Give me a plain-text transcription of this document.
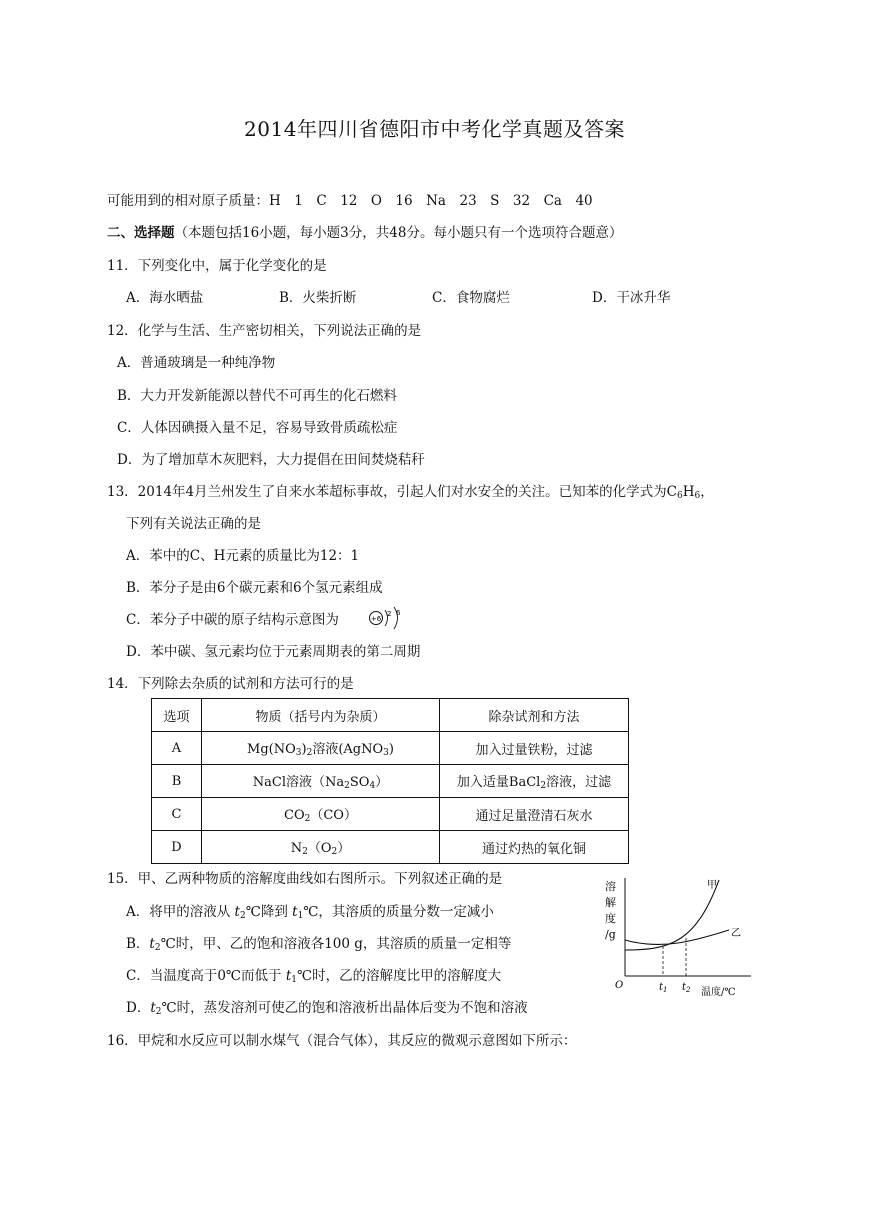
2014年四川省德阳市中考化学真题及答案
可能用到的相对原子质量：H　1　C　12　O　16　Na　23　S　32　Ca　40
二、选择题（本题包括16小题，每小题3分，共48分。每小题只有一个选项符合题意）
11．下列变化中，属于化学变化的是
A．海水晒盐	B．火柴折断	C．食物腐烂	D．干冰升华
12．化学与生活、生产密切相关，下列说法正确的是
A．普通玻璃是一种纯净物
B．大力开发新能源以替代不可再生的化石燃料
C．人体因碘摄入量不足，容易导致骨质疏松症
D．为了增加草木灰肥料，大力提倡在田间焚烧秸秆
13．2014年4月兰州发生了自来水苯超标事故，引起人们对水安全的关注。已知苯的化学式为$C_6H_6$，
下列有关说法正确的是
A．苯中的C、H元素的质量比为12：1
B．苯分子是由6个碳元素和6个氢元素组成
C．苯分子中碳的原子结构示意图为	+6
2 6
D．苯中碳、氢元素均位于元素周期表的第二周期
14．下列除去杂质的试剂和方法可行的是
选项	物质（括号内为杂质）	除杂试剂和方法
A	$Mg(NO_3)_2$溶液(AgNO$_3$)	加入过量铁粉，过滤
B	NaCl溶液$(Na_2SO_4)$	加入适量BaCl$_2$溶液，过滤
C	$CO_2(CO)$	通过足量澄清石灰水
D	$N_2(O_2)$	通过灼热的氧化铜
15．甲、乙两种物质的溶解度曲线如右图所示。下列叙述正确的是
A．将甲的溶液从 $t_2℃$降到 $t_1℃$，其溶质的质量分数一定减小
B．$t_2℃$时，甲、乙的饱和溶液各100 g，其溶质的质量一定相等
C．当温度高于0℃而低于 $t_1℃$时，乙的溶解度比甲的溶解度大
D．$t_2℃$时，蒸发溶剂可使乙的饱和溶液析出晶体后变为不饱和溶液
溶
解
度
/g
O	$t_1$ $t_2$ 温度/℃
甲
乙
16．甲烷和水反应可以制水煤气（混合气体），其反应的微观示意图如下所示：
